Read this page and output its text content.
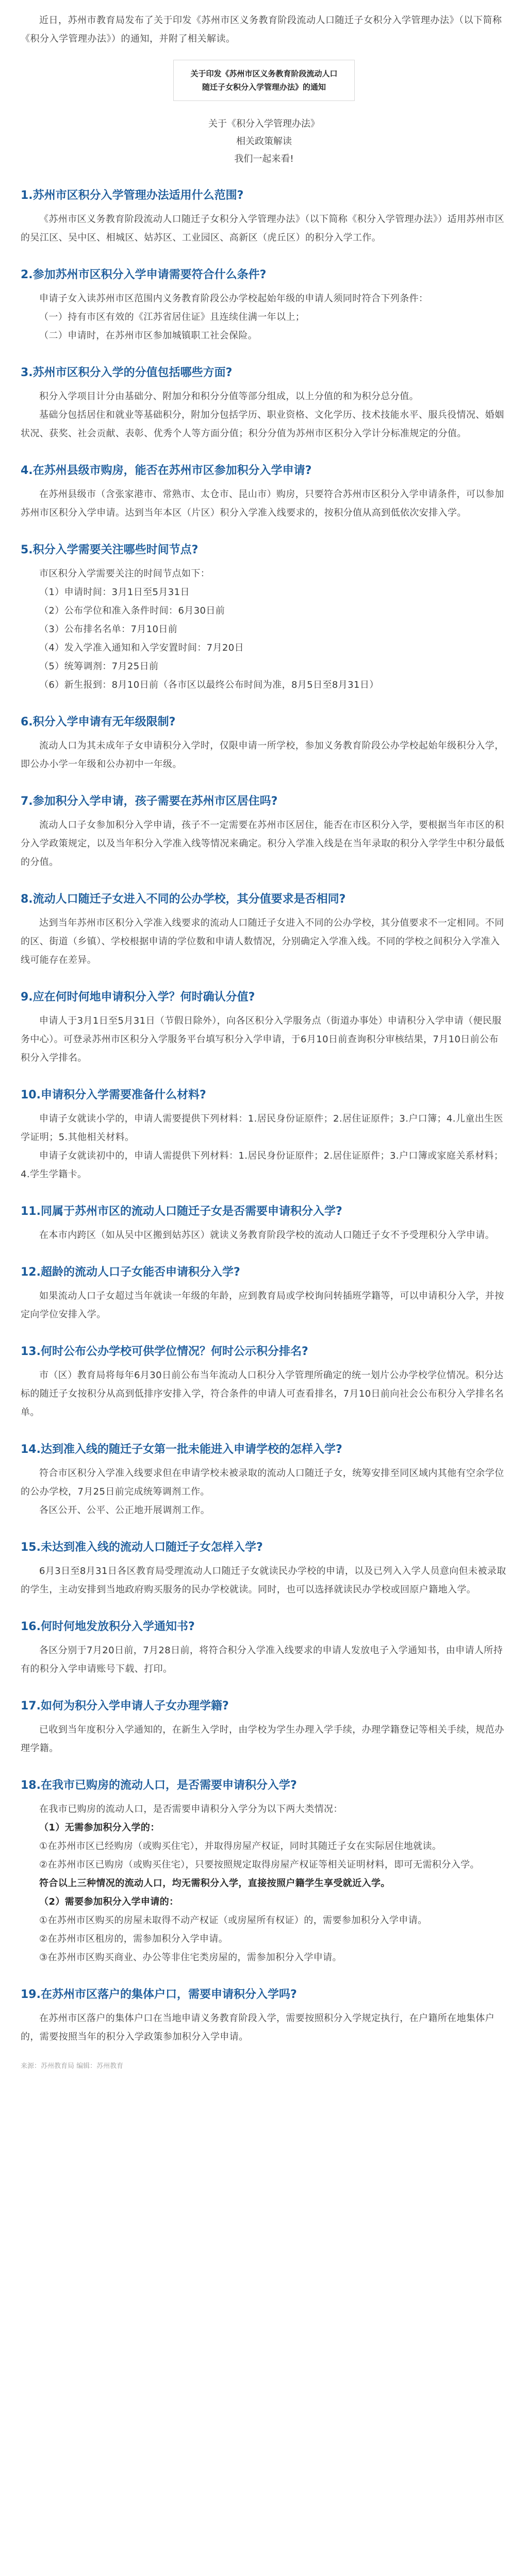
近日，苏州市教育局发布了关于印发《苏州市区义务教育阶段流动人口随迁子女积分入学管理办法》（以下简称《积分入学管理办法》）的通知，并附了相关解读。
关于印发《苏州市区义务教育阶段流动人口
随迁子女积分入学管理办法》的通知
关于《积分入学管理办法》
相关政策解读
我们一起来看!
1.苏州市区积分入学管理办法适用什么范围?
《苏州市区义务教育阶段流动人口随迁子女积分入学管理办法》（以下简称《积分入学管理办法》）适用苏州市区的吴江区、吴中区、相城区、姑苏区、工业园区、高新区（虎丘区）的积分入学工作。
2.参加苏州市区积分入学申请需要符合什么条件?
申请子女入读苏州市区范围内义务教育阶段公办学校起始年级的申请人须同时符合下列条件：
（一）持有市区有效的《江苏省居住证》且连续住满一年以上；
（二）申请时，在苏州市区参加城镇职工社会保险。
3.苏州市区积分入学的分值包括哪些方面?
积分入学项目计分由基础分、附加分和积分分值等部分组成，以上分值的和为积分总分值。
基础分包括居住和就业等基础积分，附加分包括学历、职业资格、文化学历、技术技能水平、服兵役情况、婚姻状况、获奖、社会贡献、表彰、优秀个人等方面分值；积分分值为苏州市区积分入学计分标准规定的分值。
4.在苏州县级市购房，能否在苏州市区参加积分入学申请?
在苏州县级市（含张家港市、常熟市、太仓市、昆山市）购房，只要符合苏州市区积分入学申请条件，可以参加苏州市区积分入学申请。达到当年本区（片区）积分入学准入线要求的，按积分值从高到低依次安排入学。
5.积分入学需要关注哪些时间节点?
市区积分入学需要关注的时间节点如下：
（1）申请时间：3月1日至5月31日
（2）公布学位和准入条件时间：6月30日前
（3）公布排名名单：7月10日前
（4）发入学准入通知和入学安置时间：7月20日
（5）统筹调剂：7月25日前
（6）新生报到：8月10日前（各市区以最终公布时间为准，8月5日至8月31日）
6.积分入学申请有无年级限制?
流动人口为其未成年子女申请积分入学时，仅限申请一所学校，参加义务教育阶段公办学校起始年级积分入学，即公办小学一年级和公办初中一年级。
7.参加积分入学申请，孩子需要在苏州市区居住吗?
流动人口子女参加积分入学申请，孩子不一定需要在苏州市区居住，能否在市区积分入学，要根据当年市区的积分入学政策规定，以及当年积分入学准入线等情况来确定。积分入学准入线是在当年录取的积分入学学生中积分最低的分值。
8.流动人口随迁子女进入不同的公办学校，其分值要求是否相同?
达到当年苏州市区积分入学准入线要求的流动人口随迁子女进入不同的公办学校，其分值要求不一定相同。不同的区、街道（乡镇）、学校根据申请的学位数和申请人数情况，分别确定入学准入线。不同的学校之间积分入学准入线可能存在差异。
9.应在何时何地申请积分入学？何时确认分值?
申请人于3月1日至5月31日（节假日除外），向各区积分入学服务点（街道办事处）申请积分入学申请（便民服务中心）。可登录苏州市区积分入学服务平台填写积分入学申请，于6月10日前查询积分审核结果，7月10日前公布积分入学排名。
10.申请积分入学需要准备什么材料?
申请子女就读小学的，申请人需要提供下列材料：1.居民身份证原件；2.居住证原件；3.户口簿；4.儿童出生医学证明；5.其他相关材料。
申请子女就读初中的，申请人需提供下列材料：1.居民身份证原件；2.居住证原件；3.户口簿或家庭关系材料；4.学生学籍卡。
11.同属于苏州市区的流动人口随迁子女是否需要申请积分入学?
在本市内跨区（如从吴中区搬到姑苏区）就读义务教育阶段学校的流动人口随迁子女不予受理积分入学申请。
12.超龄的流动人口子女能否申请积分入学?
如果流动人口子女超过当年就读一年级的年龄，应到教育局或学校询问转插班学籍等，可以申请积分入学，并按定向学位安排入学。
13.何时公布公办学校可供学位情况？何时公示积分排名?
市（区）教育局将每年6月30日前公布当年流动人口积分入学管理所确定的统一划片公办学校学位情况。积分达标的随迁子女按积分从高到低排序安排入学，符合条件的申请人可查看排名，7月10日前向社会公布积分入学排名名单。
14.达到准入线的随迁子女第一批未能进入申请学校的怎样入学?
符合市区积分入学准入线要求但在申请学校未被录取的流动人口随迁子女，统筹安排至同区域内其他有空余学位的公办学校，7月25日前完成统筹调剂工作。
各区公开、公平、公正地开展调剂工作。
15.未达到准入线的流动人口随迁子女怎样入学?
6月3日至8月31日各区教育局受理流动人口随迁子女就读民办学校的申请，以及已列入入学人员意向但未被录取的学生，主动安排到当地政府购买服务的民办学校就读。同时，也可以选择就读民办学校或回原户籍地入学。
16.何时何地发放积分入学通知书?
各区分别于7月20日前，7月28日前，将符合积分入学准入线要求的申请人发放电子入学通知书，由申请人所持有的积分入学申请账号下载、打印。
17.如何为积分入学申请人子女办理学籍?
已收到当年度积分入学通知的，在新生入学时，由学校为学生办理入学手续，办理学籍登记等相关手续，规范办理学籍。
18.在我市已购房的流动人口，是否需要申请积分入学?
在我市已购房的流动人口，是否需要申请积分入学分为以下两大类情况：
（1）无需参加积分入学的：
①在苏州市区已经购房（或购买住宅），并取得房屋产权证，同时其随迁子女在实际居住地就读。
②在苏州市区已购房（或购买住宅），只要按照规定取得房屋产权证等相关证明材料，即可无需积分入学。
符合以上三种情况的流动人口，均无需积分入学，直接按照户籍学生享受就近入学。
（2）需要参加积分入学申请的：
①在苏州市区购买的房屋未取得不动产权证（或房屋所有权证）的，需要参加积分入学申请。
②在苏州市区租房的，需参加积分入学申请。
③在苏州市区购买商业、办公等非住宅类房屋的，需参加积分入学申请。
19.在苏州市区落户的集体户口，需要申请积分入学吗?
在苏州市区落户的集体户口在当地申请义务教育阶段入学，需要按照积分入学规定执行，在户籍所在地集体户的，需要按照当年的积分入学政策参加积分入学申请。
来源：苏州教育局 编辑：苏州教育
